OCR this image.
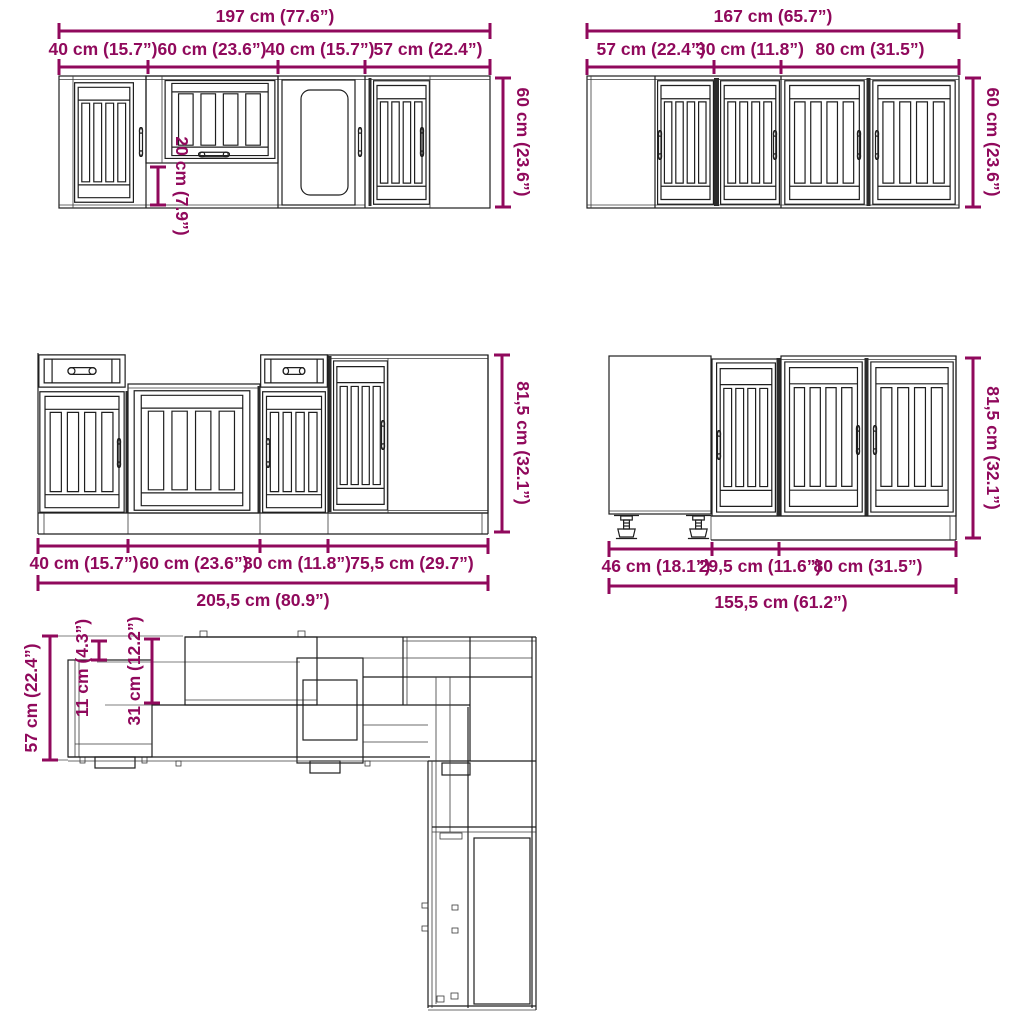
197 cm (77.6”)
40 cm (15.7”) 60 cm (23.6”) 40 cm (15.7”) 57 cm (22.4”)
20 cm (7.9”)	60 cm (23.6”)
167 cm (65.7”)
57 cm (22.4”)
30 cm (11.8”) 80 cm (31.5”)
60 cm (23.6”)
40 cm (15.7”) 60 cm (23.6”)
30 cm (11.8”) 75,5 cm (29.7”)
205,5 cm (80.9”)
81,5 cm (32.1”)
46 cm (18.1”)
29,5 cm (11.6”)
80 cm (31.5”)
155,5 cm (61.2”)
81,5 cm (32.1”)
57 cm (22.4”) 11 cm (4.3”) 31 cm (12.2”)
